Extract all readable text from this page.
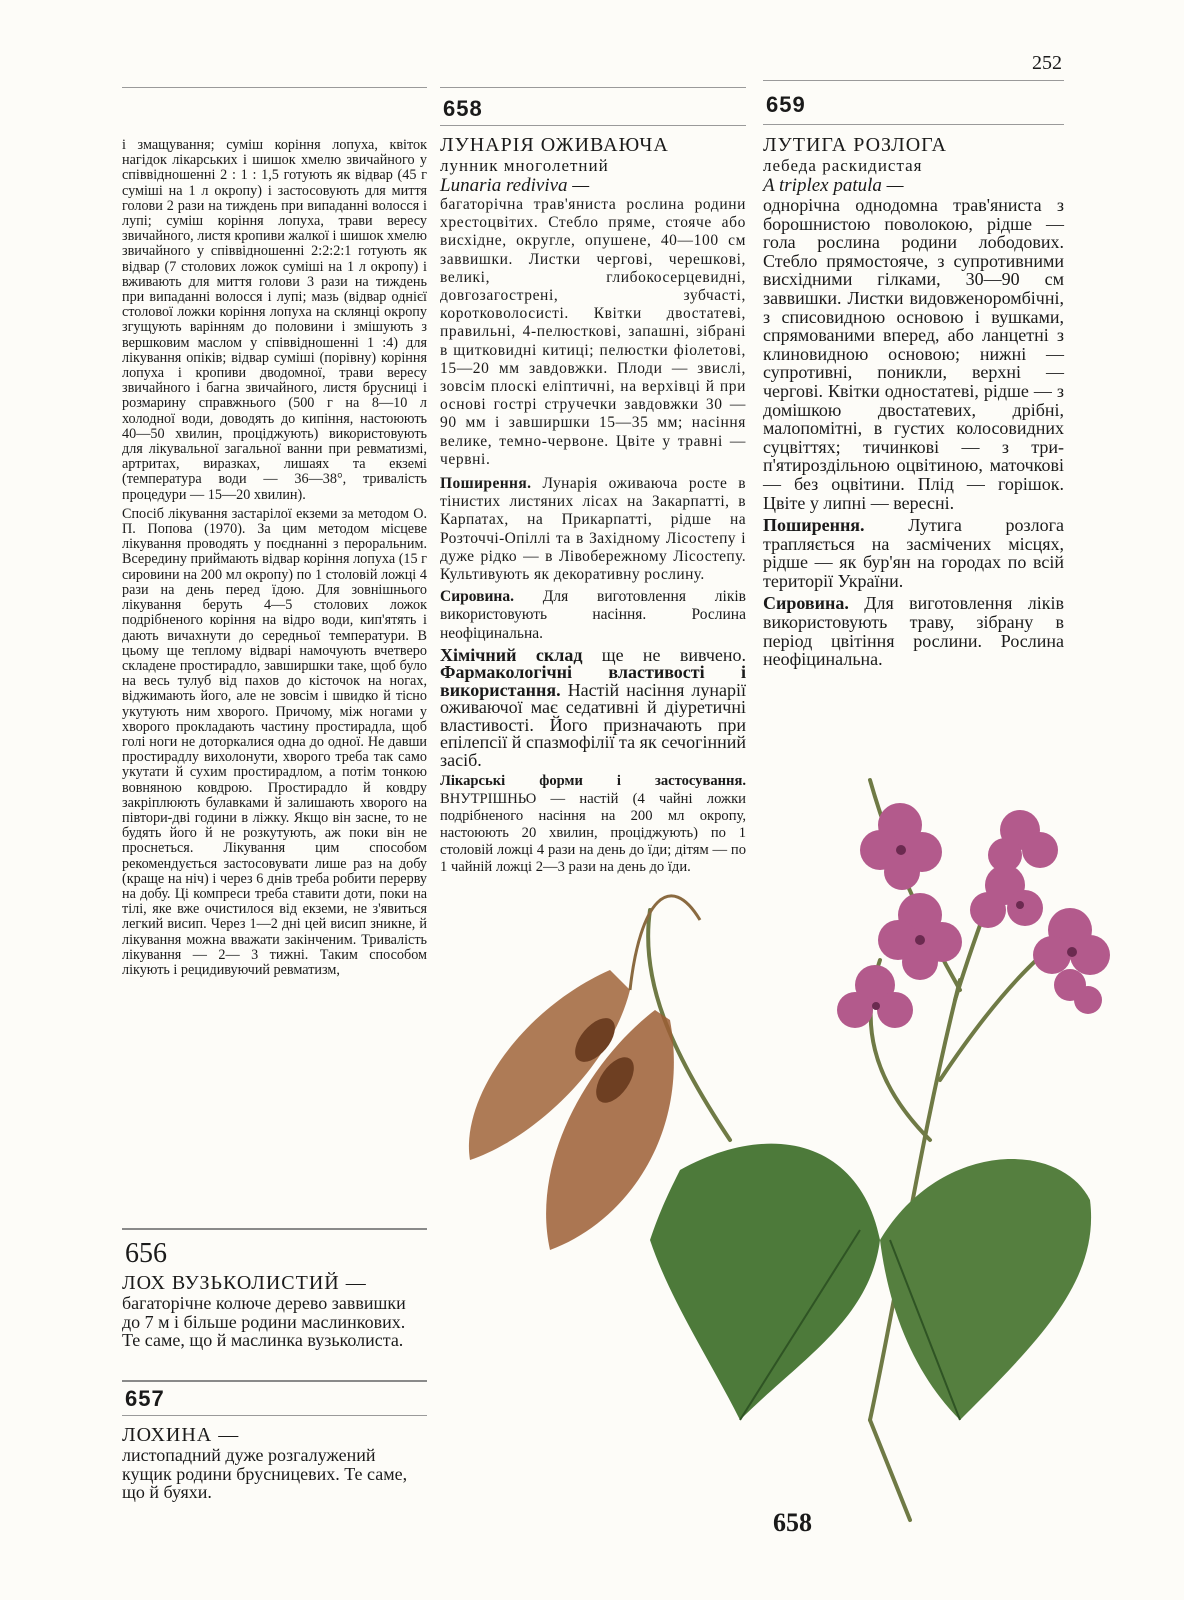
252

і змащування; суміш коріння лопуха, квіток нагідок лікарських і шишок хмелю звичайного у співвідношенні 2 : 1 : 1,5 готують як відвар (45 г суміші на 1 л окропу) і застосовують для миття голови 2 рази на тиждень при випаданні волосся і лупі; суміш коріння лопуха, трави вересу звичайного, листя кропиви жалкої і шишок хмелю звичайного у співвідношенні 2:2:2:1 готують як відвар (7 столових ложок суміші на 1 л окропу) і вживають для миття голови 3 рази на тиждень при випаданні волосся і лупі; мазь (відвар однієї столової ложки коріння лопуха на склянці окропу згущують варінням до половини і змішують з вершковим маслом у співвідношенні 1 :4) для лікування опіків; відвар суміші (порівну) коріння лопуха і кропиви дводомної, трави вересу звичайного і багна звичайного, листя брусниці і розмарину справжнього (500 г на 8—10 л холодної води, доводять до кипіння, настоюють 40—50 хвилин, проціджують) використовують для лікувальної загальної ванни при ревматизмі, артритах, виразках, лишаях та екземі (температура води — 36—38°, тривалість процедури — 15—20 хвилин).

Спосіб лікування застарілої екземи за методом О. П. Попова (1970). За цим методом місцеве лікування проводять у поєднанні з пероральним. Всередину приймають відвар коріння лопуха (15 г сировини на 200 мл окропу) по 1 столовій ложці 4 рази на день перед їдою. Для зовнішнього лікування беруть 4—5 столових ложок подрібненого коріння на відро води, кип'ятять і дають вичахнути до середньої температури. В цьому ще теплому відварі намочують вчетверо складене простирадло, завширшки таке, щоб було на весь тулуб від пахов до кісточок на ногах, віджимають його, але не зовсім і швидко й тісно укутують ним хворого. Причому, між ногами у хворого прокладають частину простирадла, щоб голі ноги не доторкалися одна до одної. Не давши простирадлу вихолонути, хворого треба так само укутати й сухим простирадлом, а потім тонкою вовняною ковдрою. Простирадло й ковдру закріплюють булавками й залишають хворого на півтори-дві години в ліжку. Якщо він засне, то не будять його й не розкутують, аж поки він не проснеться. Лікування цим способом рекомендується застосовувати лише раз на добу (краще на ніч) і через 6 днів треба робити перерву на добу. Ці компреси треба ставити доти, поки на тілі, яке вже очистилося від екземи, не з'явиться легкий висип. Через 1—2 дні цей висип зникне, й лікування можна вважати закінченим. Тривалість лікування — 2— 3 тижні. Таким способом лікують і рецидивуючий ревматизм,

656
ЛОХ ВУЗЬКОЛИСТИЙ —
багаторічне колюче дерево заввишки до 7 м і більше родини маслинкових. Те саме, що й маслинка вузьколиста.
657
ЛОХИНА —
листопадний дуже розгалужений кущик родини брусницевих. Те саме, що й буяхи.
658
ЛУНАРІЯ ОЖИВАЮЧА
лунник многолетний
Lunaria rediviva —

багаторічна трав'яниста рослина родини хрестоцвітих. Стебло пряме, стояче або висхідне, округле, опушене, 40—100 см заввишки. Листки чергові, черешкові, великі, глибокосерцевидні, довгозагострені, зубчасті, коротковолосисті. Квітки двостатеві, правильні, 4-пелюсткові, запашні, зібрані в щитковидні китиці; пелюстки фіолетові, 15—20 мм завдовжки. Плоди — звислі, зовсім плоскі еліптичні, на верхівці й при основі гострі стручечки завдовжки 30 —90 мм і завширшки 15—35 мм; насіння велике, темно-червоне. Цвіте у травні — червні.

Поширення. Лунарія оживаюча росте в тінистих листяних лісах на Закарпатті, в Карпатах, на Прикарпатті, рідше на Розточчі-Опіллі та в Західному Лісостепу і дуже рідко — в Лівобережному Лісостепу. Культивують як декоративну рослину.

Сировина. Для виготовлення ліків використовують насіння. Рослина неофіцинальна.

Хімічний склад ще не вивчено. Фармакологічні властивості і використання. Настій насіння лунарії оживаючої має седативні й діуретичні властивості. Його призначають при епілепсії й спазмофілії та як сечогінний засіб.

Лікарські форми і застосування. ВНУТРІШНЬО — настій (4 чайні ложки подрібненого насіння на 200 мл окропу, настоюють 20 хвилин, проціджують) по 1 столовій ложці 4 рази на день до їди; дітям — по 1 чайній ложці 2—3 рази на день до їди.

659
ЛУТИГА РОЗЛОГА
лебеда раскидистая
A triplex patula —

однорічна однодомна трав'яниста з борошнистою поволокою, рідше — гола рослина родини лободових. Стебло прямостояче, з супротивними висхідними гілками, 30—90 см заввишки. Листки видовженоромбічні, з списовидною основою і вушками, спрямованими вперед, або ланцетні з клиновидною основою; нижні — супротивні, поникли, верхні — чергові. Квітки одностатеві, рідше — з домішкою двостатевих, дрібні, малопомітні, в густих колосовидних суцвіттях; тичинкові — з три-п'ятироздільною оцвітиною, маточкові — без оцвітини. Плід — горішок. Цвіте у липні — вересні.

Поширення. Лутига розлога трапляється на засмічених місцях, рідше — як бур'ян на городах по всій території України.

Сировина. Для виготовлення ліків використовують траву, зібрану в період цвітіння рослини. Рослина неофіцинальна.

658
